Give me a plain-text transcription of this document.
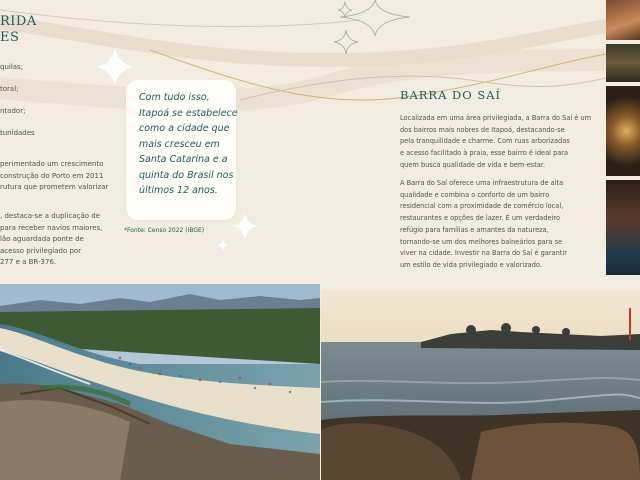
RIDA
ES
quilas;
toral;
ntador;
tunidades
perimentado um crescimento
construção do Porto em 2011
rutura que prometem valorizar
, destaca-se a duplicação de
para receber navios maiores,
lão aguardada ponte de
acesso privilegiado por
277 e a BR-376.
Com tudo isso,
Itapoá se estabelece
como a cidade que
mais cresceu em
Santa Catarina e a
quinta do Brasil nos
últimos 12 anos.
*Fonte: Censo 2022 (IBGE)
BARRA DO SAÍ
Localizada em uma área privilegiada, a Barra do Saí é um
dos bairros mais nobres de Itapoá, destacando-se
pela tranquilidade e charme. Com ruas arborizadas
e acesso facilitado à praia, esse bairro é ideal para
quem busca qualidade de vida e bem-estar.
A Barra do Saí oferece uma infraestrutura de alta
qualidade e combina o conforto de um bairro
residencial com a proximidade de comércio local,
restaurantes e opções de lazer. É um verdadeiro
refúgio para famílias e amantes da natureza,
tornando-se um dos melhores balneários para se
viver na cidade. Investir na Barra do Saí é garantir
um estilo de vida privilegiado e valorizado.
